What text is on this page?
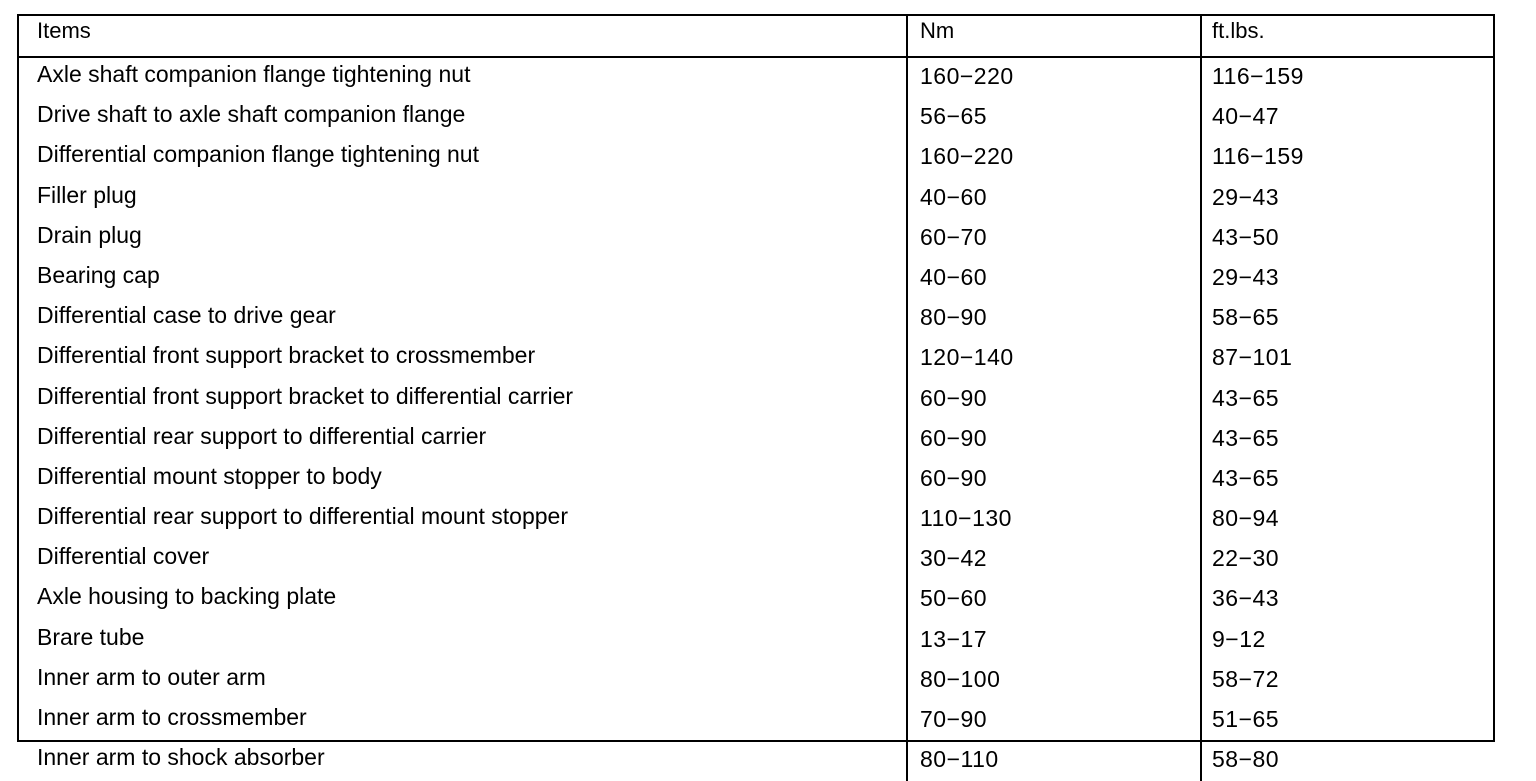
Items	Nm	ft.lbs.
Axle shaft companion flange tightening nut	160−220	116−159
Drive shaft to axle shaft companion flange	56−65	40−47
Differential companion flange tightening nut	160−220	116−159
Filler plug	40−60	29−43
Drain plug	60−70	43−50
Bearing cap	40−60	29−43
Differential case to drive gear	80−90	58−65
Differential front support bracket to crossmember	120−140	87−101
Differential front support bracket to differential carrier	60−90	43−65
Differential rear support to differential carrier	60−90	43−65
Differential mount stopper to body	60−90	43−65
Differential rear support to differential mount stopper	110−130	80−94
Differential cover	30−42	22−30
Axle housing to backing plate	50−60	36−43
Brare tube	13−17	9−12
Inner arm to outer arm	80−100	58−72
Inner arm to crossmember	70−90	51−65
Inner arm to shock absorber	80−110	58−80
